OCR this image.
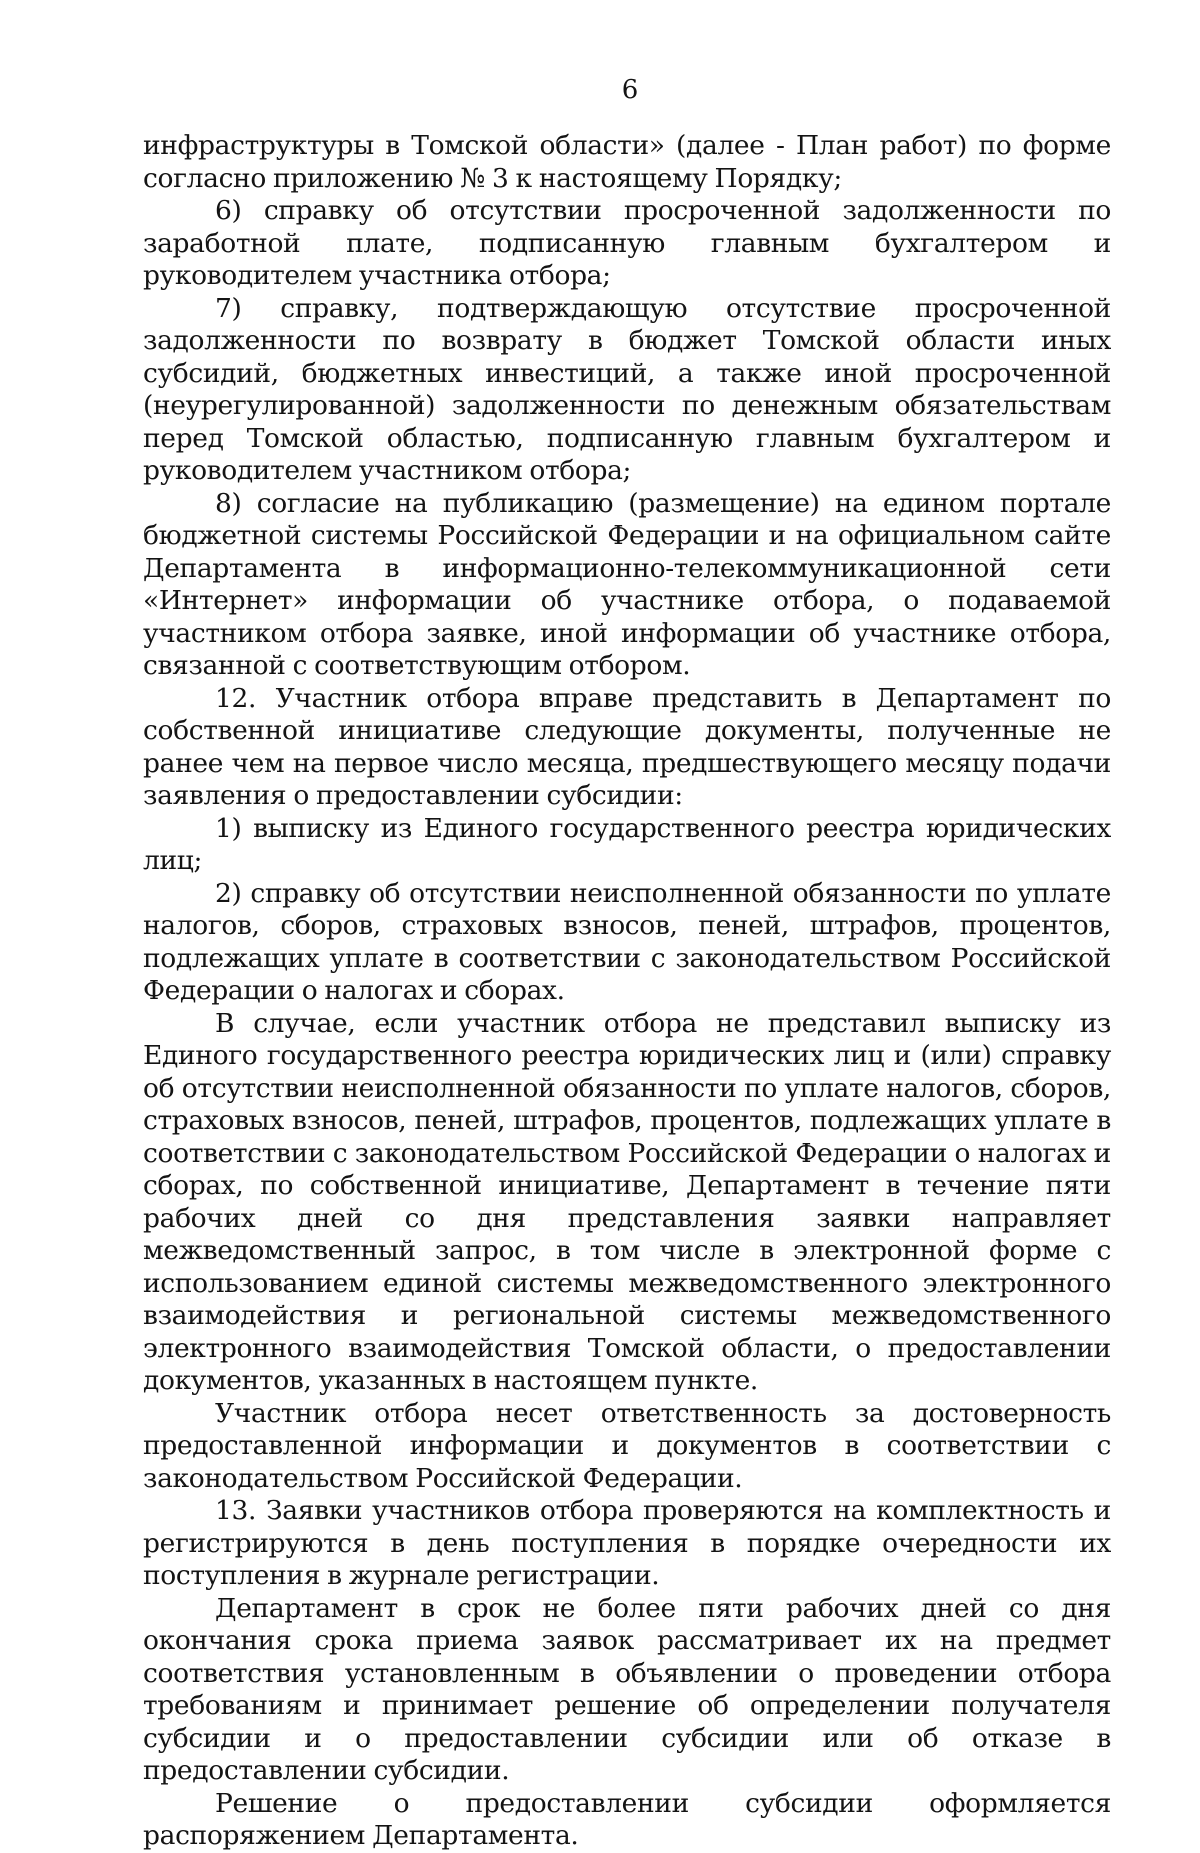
6

инфраструктуры в Томской области» (далее - План работ) по форме согласно приложению № 3 к настоящему Порядку;

6) справку об отсутствии просроченной задолженности по заработной плате, подписанную главным бухгалтером и руководителем участника отбора;

7) справку, подтверждающую отсутствие просроченной задолженности по возврату в бюджет Томской области иных субсидий, бюджетных инвестиций, а также иной просроченной (неурегулированной) задолженности по денежным обязательствам перед Томской областью, подписанную главным бухгалтером и руководителем участником отбора;

8) согласие на публикацию (размещение) на едином портале бюджетной системы Российской Федерации и на официальном сайте Департамента в информационно-телекоммуникационной сети «Интернет» информации об участнике отбора, о подаваемой участником отбора заявке, иной информации об участнике отбора, связанной с соответствующим отбором.

12. Участник отбора вправе представить в Департамент по собственной инициативе следующие документы, полученные не ранее чем на первое число месяца, предшествующего месяцу подачи заявления о предоставлении субсидии:

1) выписку из Единого государственного реестра юридических лиц;

2) справку об отсутствии неисполненной обязанности по уплате налогов, сборов, страховых взносов, пеней, штрафов, процентов, подлежащих уплате в соответствии с законодательством Российской Федерации о налогах и сборах.

В случае, если участник отбора не представил выписку из Единого государственного реестра юридических лиц и (или) справку об отсутствии неисполненной обязанности по уплате налогов, сборов, страховых взносов, пеней, штрафов, процентов, подлежащих уплате в соответствии с законодательством Российской Федерации о налогах и сборах, по собственной инициативе, Департамент в течение пяти рабочих дней со дня представления заявки направляет межведомственный запрос, в том числе в электронной форме с использованием единой системы межведомственного электронного взаимодействия и региональной системы межведомственного электронного взаимодействия Томской области, о предоставлении документов, указанных в настоящем пункте.

Участник отбора несет ответственность за достоверность предоставленной информации и документов в соответствии с законодательством Российской Федерации.

13. Заявки участников отбора проверяются на комплектность и регистрируются в день поступления в порядке очередности их поступления в журнале регистрации.

Департамент в срок не более пяти рабочих дней со дня окончания срока приема заявок рассматривает их на предмет соответствия установленным в объявлении о проведении отбора требованиям и принимает решение об определении получателя субсидии и о предоставлении субсидии или об отказе в предоставлении субсидии.

Решение о предоставлении субсидии оформляется распоряжением Департамента.
